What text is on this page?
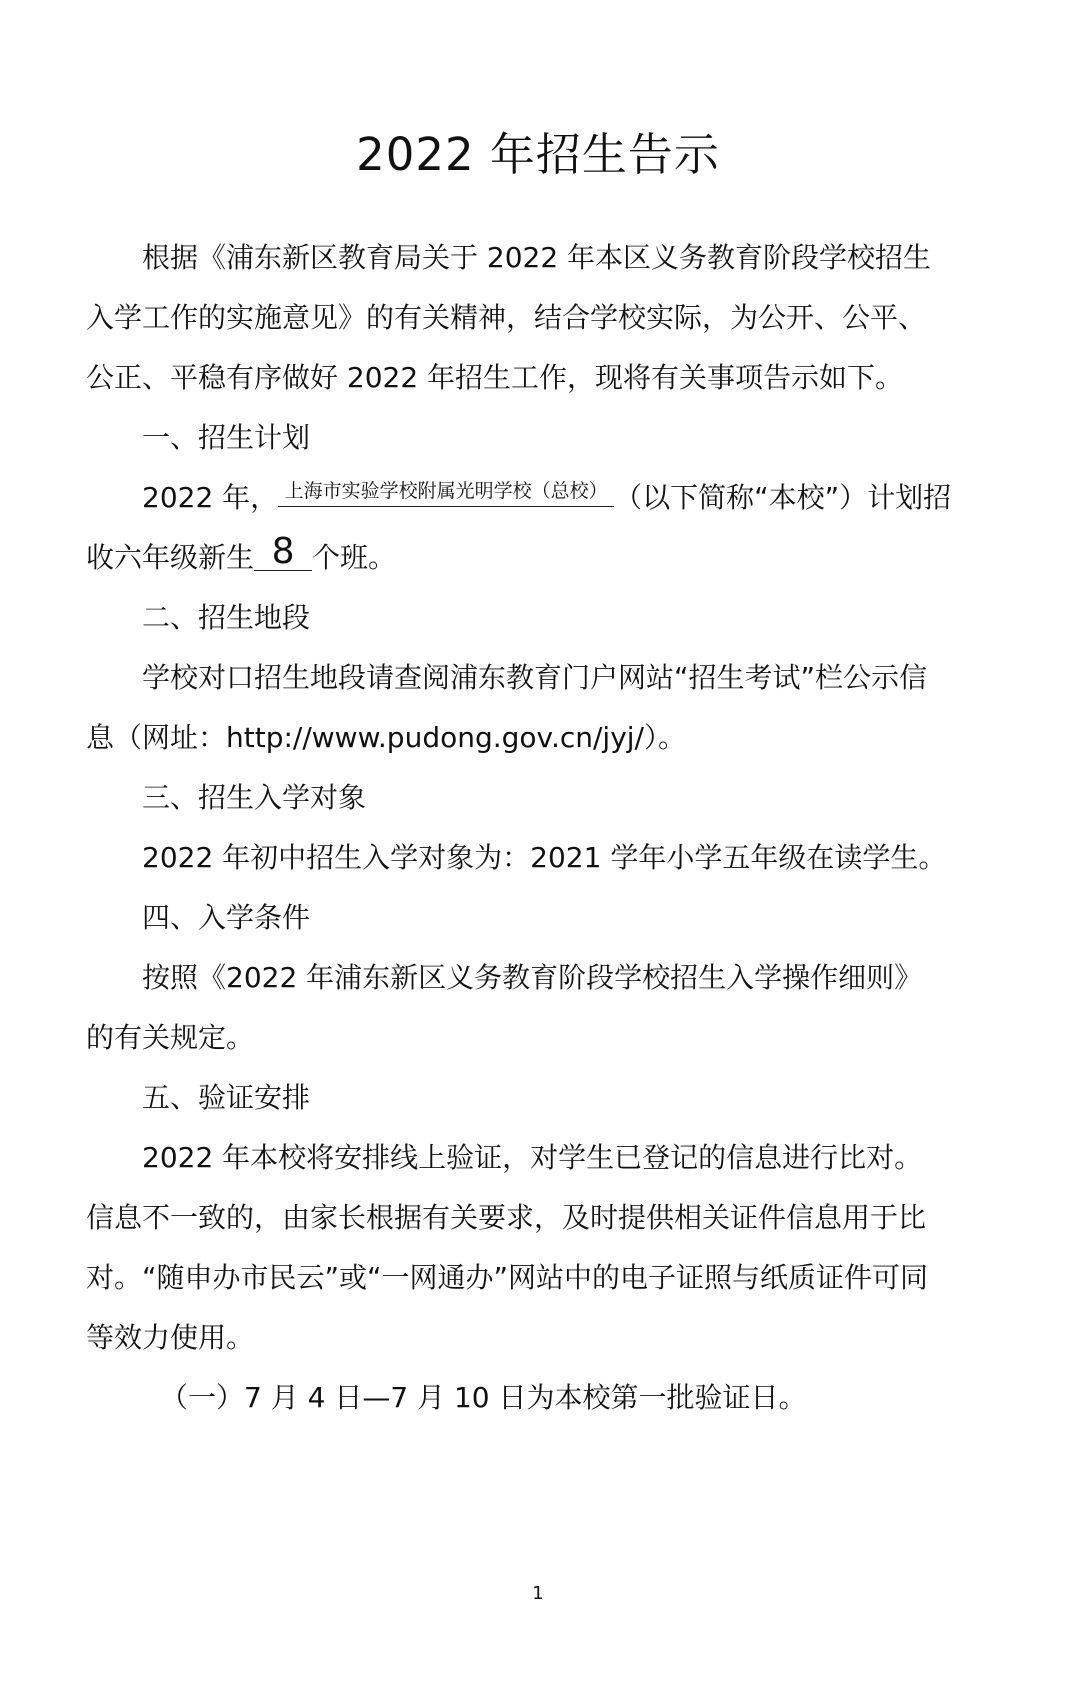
2022 年招生告示
根据《浦东新区教育局关于 2022 年本区义务教育阶段学校招生
入学工作的实施意见》的有关精神，结合学校实际，为公开、公平、
公正、平稳有序做好 2022 年招生工作，现将有关事项告示如下。
一、招生计划
2022 年， 上海市实验学校附属光明学校（总校） （以下简称“本校”）计划招
收六年级新生 8 个班。
二、招生地段
学校对口招生地段请查阅浦东教育门户网站“招生考试”栏公示信
息（网址：http://www.pudong.gov.cn/jyj/）。
三、招生入学对象
2022 年初中招生入学对象为：2021 学年小学五年级在读学生。
四、入学条件
按照《2022 年浦东新区义务教育阶段学校招生入学操作细则》
的有关规定。
五、验证安排
2022 年本校将安排线上验证，对学生已登记的信息进行比对。
信息不一致的，由家长根据有关要求，及时提供相关证件信息用于比
对。“随申办市民云”或“一网通办”网站中的电子证照与纸质证件可同
等效力使用。
（一）7 月 4 日—7 月 10 日为本校第一批验证日。
1
